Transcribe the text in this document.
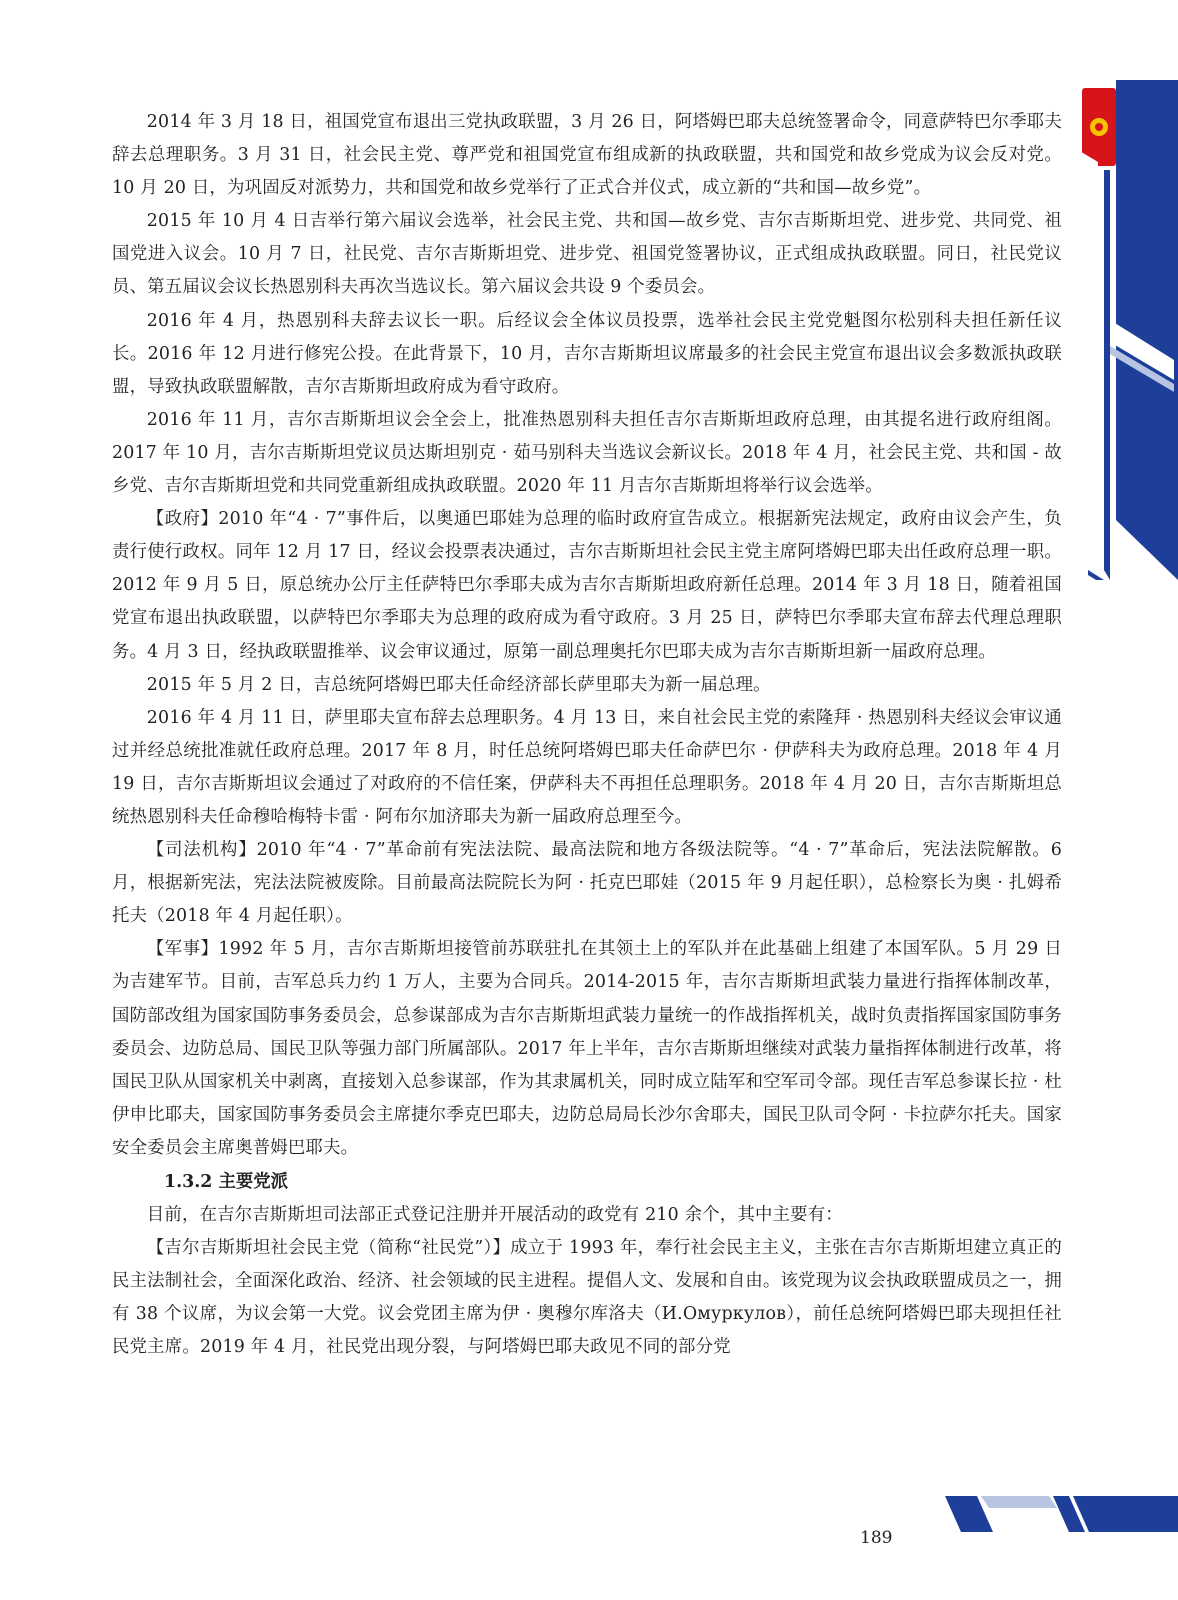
2014 年 3 月 18 日，祖国党宣布退出三党执政联盟，3 月 26 日，阿塔姆巴耶夫总统签署命令，同意萨特巴尔季耶夫辞去总理职务。3 月 31 日，社会民主党、尊严党和祖国党宣布组成新的执政联盟，共和国党和故乡党成为议会反对党。10 月 20 日，为巩固反对派势力，共和国党和故乡党举行了正式合并仪式，成立新的“共和国—故乡党”。

2015 年 10 月 4 日吉举行第六届议会选举，社会民主党、共和国—故乡党、吉尔吉斯斯坦党、进步党、共同党、祖国党进入议会。10 月 7 日，社民党、吉尔吉斯斯坦党、进步党、祖国党签署协议，正式组成执政联盟。同日，社民党议员、第五届议会议长热恩别科夫再次当选议长。第六届议会共设 9 个委员会。

2016 年 4 月，热恩别科夫辞去议长一职。后经议会全体议员投票，选举社会民主党党魁图尔松别科夫担任新任议长。2016 年 12 月进行修宪公投。在此背景下，10 月，吉尔吉斯斯坦议席最多的社会民主党宣布退出议会多数派执政联盟，导致执政联盟解散，吉尔吉斯斯坦政府成为看守政府。

2016 年 11 月，吉尔吉斯斯坦议会全会上，批准热恩别科夫担任吉尔吉斯斯坦政府总理，由其提名进行政府组阁。2017 年 10 月，吉尔吉斯斯坦党议员达斯坦别克 · 茹马别科夫当选议会新议长。2018 年 4 月，社会民主党、共和国 - 故乡党、吉尔吉斯斯坦党和共同党重新组成执政联盟。2020 年 11 月吉尔吉斯斯坦将举行议会选举。

【政府】2010 年“4 · 7”事件后，以奥通巴耶娃为总理的临时政府宣告成立。根据新宪法规定，政府由议会产生，负责行使行政权。同年 12 月 17 日，经议会投票表决通过，吉尔吉斯斯坦社会民主党主席阿塔姆巴耶夫出任政府总理一职。2012 年 9 月 5 日，原总统办公厅主任萨特巴尔季耶夫成为吉尔吉斯斯坦政府新任总理。2014 年 3 月 18 日，随着祖国党宣布退出执政联盟，以萨特巴尔季耶夫为总理的政府成为看守政府。3 月 25 日，萨特巴尔季耶夫宣布辞去代理总理职务。4 月 3 日，经执政联盟推举、议会审议通过，原第一副总理奥托尔巴耶夫成为吉尔吉斯斯坦新一届政府总理。

2015 年 5 月 2 日，吉总统阿塔姆巴耶夫任命经济部长萨里耶夫为新一届总理。

2016 年 4 月 11 日，萨里耶夫宣布辞去总理职务。4 月 13 日，来自社会民主党的索隆拜 · 热恩别科夫经议会审议通过并经总统批准就任政府总理。2017 年 8 月，时任总统阿塔姆巴耶夫任命萨巴尔 · 伊萨科夫为政府总理。2018 年 4 月 19 日，吉尔吉斯斯坦议会通过了对政府的不信任案，伊萨科夫不再担任总理职务。2018 年 4 月 20 日，吉尔吉斯斯坦总统热恩别科夫任命穆哈梅特卡雷 · 阿布尔加济耶夫为新一届政府总理至今。

【司法机构】2010 年“4 · 7”革命前有宪法法院、最高法院和地方各级法院等。“4 · 7”革命后，宪法法院解散。6 月，根据新宪法，宪法法院被废除。目前最高法院院长为阿 · 托克巴耶娃（2015 年 9 月起任职），总检察长为奥 · 扎姆希托夫（2018 年 4 月起任职）。

【军事】1992 年 5 月，吉尔吉斯斯坦接管前苏联驻扎在其领土上的军队并在此基础上组建了本国军队。5 月 29 日为吉建军节。目前，吉军总兵力约 1 万人，主要为合同兵。2014-2015 年，吉尔吉斯斯坦武装力量进行指挥体制改革，国防部改组为国家国防事务委员会，总参谋部成为吉尔吉斯斯坦武装力量统一的作战指挥机关，战时负责指挥国家国防事务委员会、边防总局、国民卫队等强力部门所属部队。2017 年上半年，吉尔吉斯斯坦继续对武装力量指挥体制进行改革，将国民卫队从国家机关中剥离，直接划入总参谋部，作为其隶属机关，同时成立陆军和空军司令部。现任吉军总参谋长拉 · 杜伊申比耶夫，国家国防事务委员会主席捷尔季克巴耶夫，边防总局局长沙尔舍耶夫，国民卫队司令阿 · 卡拉萨尔托夫。国家安全委员会主席奥普姆巴耶夫。

1.3.2 主要党派

目前，在吉尔吉斯斯坦司法部正式登记注册并开展活动的政党有 210 余个，其中主要有：

【吉尔吉斯斯坦社会民主党（简称“社民党”）】成立于 1993 年，奉行社会民主主义，主张在吉尔吉斯斯坦建立真正的民主法制社会，全面深化政治、经济、社会领域的民主进程。提倡人文、发展和自由。该党现为议会执政联盟成员之一，拥有 38 个议席，为议会第一大党。议会党团主席为伊 · 奥穆尔库洛夫（И.Омуркулов），前任总统阿塔姆巴耶夫现担任社民党主席。2019 年 4 月，社民党出现分裂，与阿塔姆巴耶夫政见不同的部分党

189
